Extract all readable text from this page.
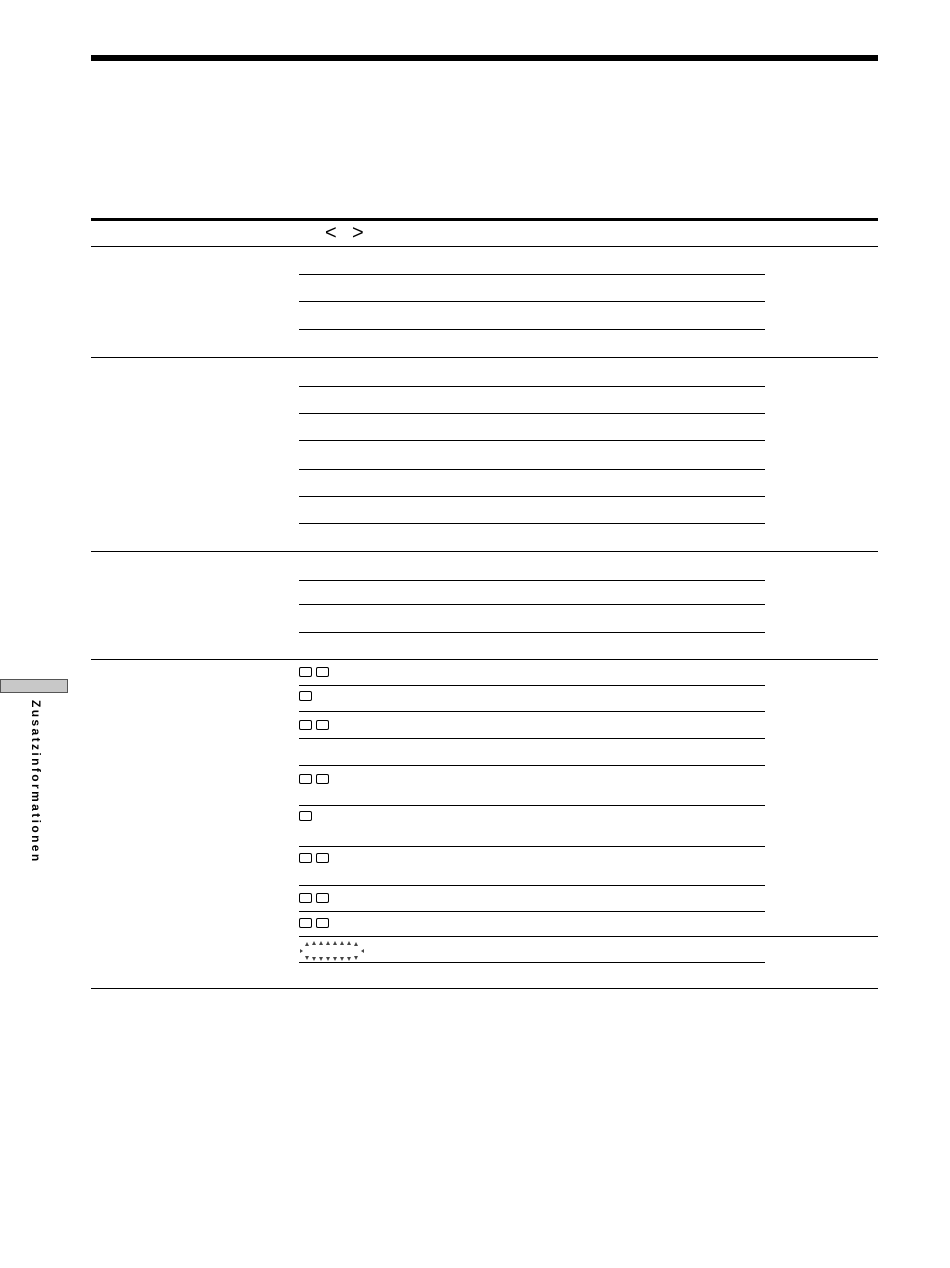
< >
Zusatzinformationen
